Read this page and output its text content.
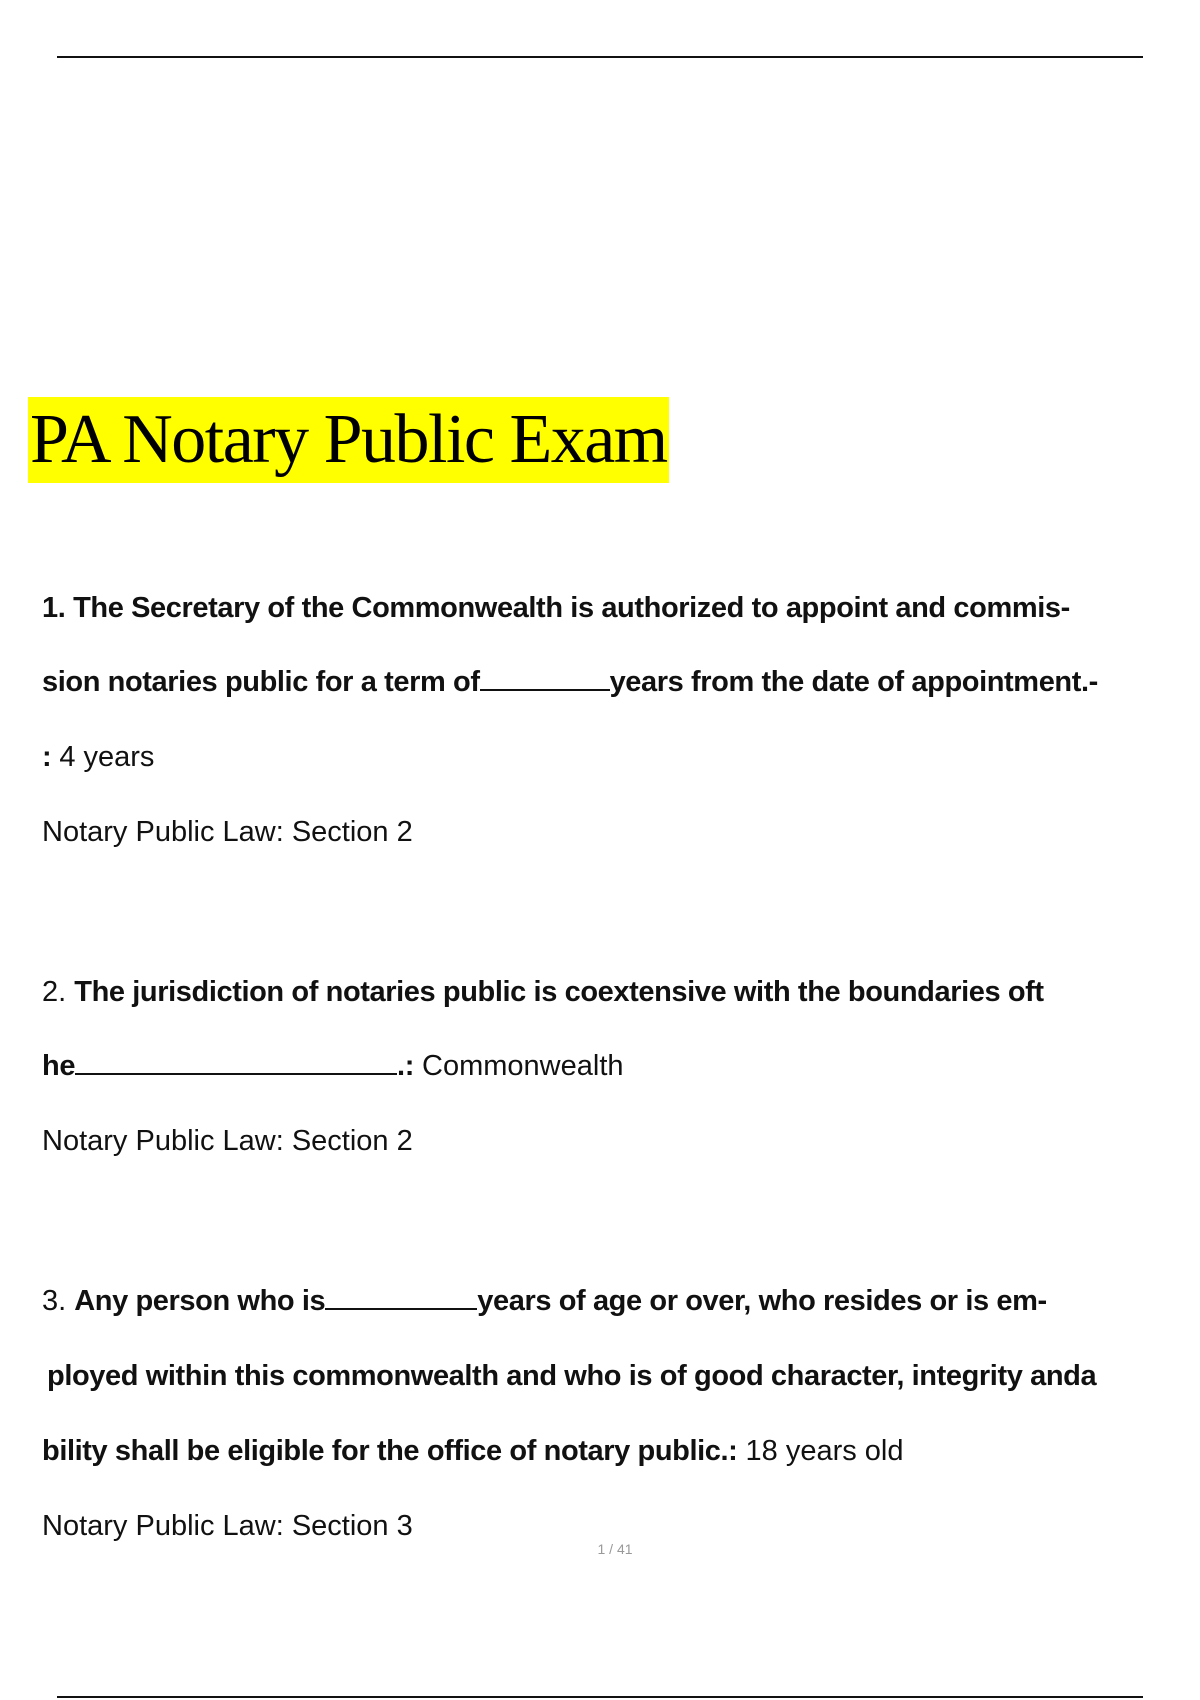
PA Notary Public Exam
1. The Secretary of the Commonwealth is authorized to appoint and commis-
sion notaries public for a term of	years from the date of appointment.-
: 4 years
Notary Public Law: Section 2
2. The jurisdiction of notaries public is coextensive with the boundaries oft
he	.: Commonwealth
Notary Public Law: Section 2
3. Any person who is	years of age or over, who resides or is em-
ployed within this commonwealth and who is of good character, integrity anda
bility shall be eligible for the office of notary public.: 18 years old
Notary Public Law: Section 3
1 / 41
